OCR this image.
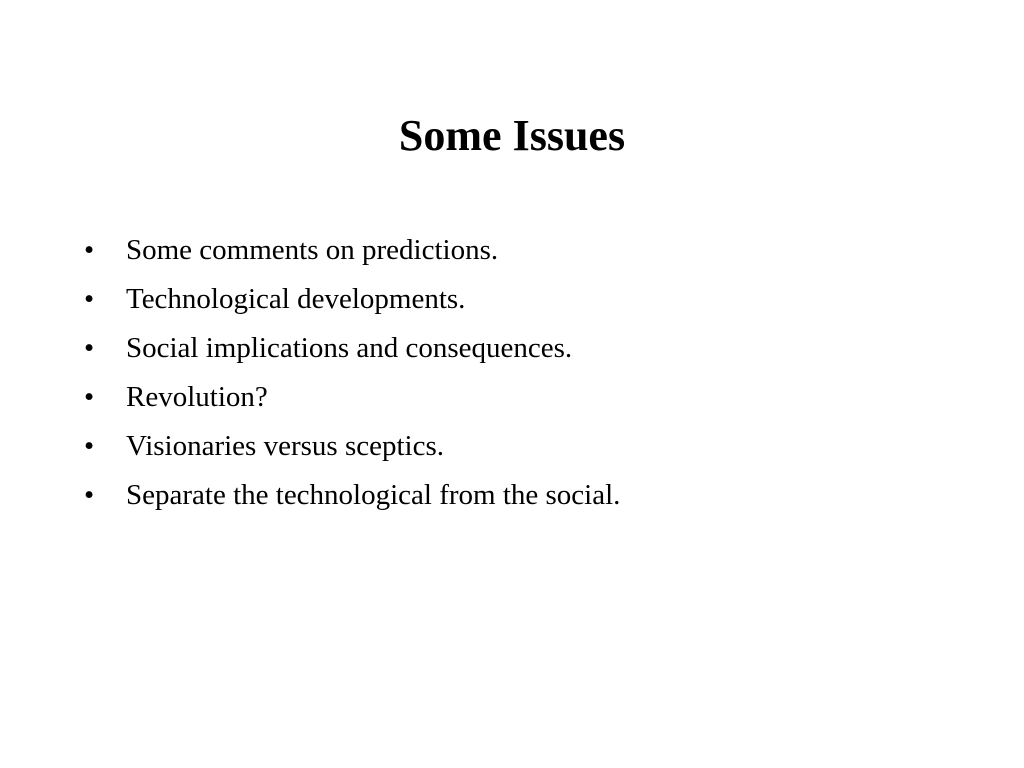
Some Issues
•	Some comments on predictions.
•	Technological developments.
•	Social implications and consequences.
•	Revolution?
•	Visionaries versus sceptics.
•	Separate the technological from the social.
